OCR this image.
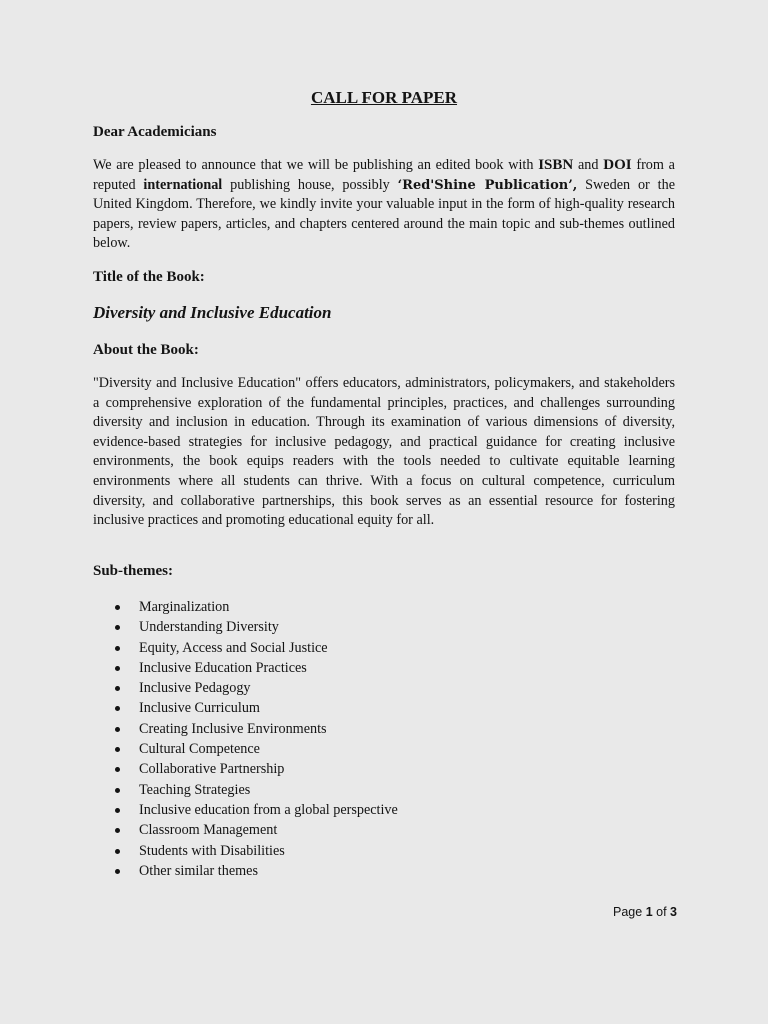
CALL FOR PAPER
Dear Academicians
We are pleased to announce that we will be publishing an edited book with ISBN and DOI from a reputed international publishing house, possibly ‘Red'Shine Publication’, Sweden or the United Kingdom. Therefore, we kindly invite your valuable input in the form of high-quality research papers, review papers, articles, and chapters centered around the main topic and sub-themes outlined below.
Title of the Book:
Diversity and Inclusive Education
About the Book:
"Diversity and Inclusive Education" offers educators, administrators, policymakers, and stakeholders a comprehensive exploration of the fundamental principles, practices, and challenges surrounding diversity and inclusion in education. Through its examination of various dimensions of diversity, evidence-based strategies for inclusive pedagogy, and practical guidance for creating inclusive environments, the book equips readers with the tools needed to cultivate equitable learning environments where all students can thrive. With a focus on cultural competence, curriculum diversity, and collaborative partnerships, this book serves as an essential resource for fostering inclusive practices and promoting educational equity for all.
Sub-themes:
Marginalization
Understanding Diversity
Equity, Access and Social Justice
Inclusive Education Practices
Inclusive Pedagogy
Inclusive Curriculum
Creating Inclusive Environments
Cultural Competence
Collaborative Partnership
Teaching Strategies
Inclusive education from a global perspective
Classroom Management
Students with Disabilities
Other similar themes
Page 1 of 3
